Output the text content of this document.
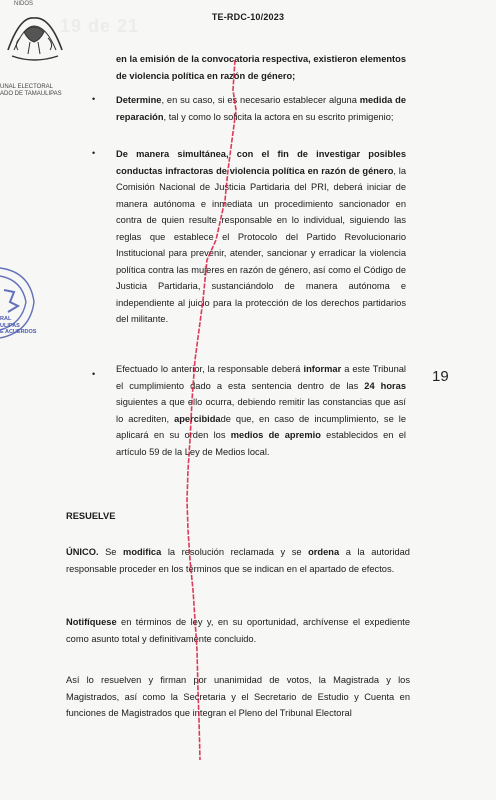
19 de 21	TE-RDC-10/2023
NIDOS
UNAL ELECTORAL
ADO DE TAMAULIPAS
RAL
ULIPAS
E ACUERDOS
19
en la emisión de la convocatoria respectiva, existieron elementos de violencia política en razón de género;
• Determine, en su caso, si es necesario establecer alguna medida de reparación, tal y como lo solicita la actora en su escrito primigenio;
• De manera simultánea, con el fin de investigar posibles conductas infractoras de violencia política en razón de género, la Comisión Nacional de Justicia Partidaria del PRI, deberá iniciar de manera autónoma e inmediata un procedimiento sancionador en contra de quien resulte responsable en lo individual, siguiendo las reglas que establece el Protocolo del Partido Revolucionario Institucional para prevenir, atender, sancionar y erradicar la violencia política contra las mujeres en razón de género, así como el Código de Justicia Partidaria, sustanciándolo de manera autónoma e independiente al juicio para la protección de los derechos partidarios del militante.
• Efectuado lo anterior, la responsable deberá informar a este Tribunal el cumplimiento dado a esta sentencia dentro de las 24 horas siguientes a que ello ocurra, debiendo remitir las constancias que así lo acrediten, apercibidade que, en caso de incumplimiento, se le aplicará en su orden los medios de apremio establecidos en el artículo 59 de la Ley de Medios local.
RESUELVE
ÚNICO. Se modifica la resolución reclamada y se ordena a la autoridad responsable proceder en los términos que se indican en el apartado de efectos.
Notifíquese en términos de ley y, en su oportunidad, archívense el expediente como asunto total y definitivamente concluido.
Así lo resuelven y firman por unanimidad de votos, la Magistrada y los Magistrados, así como la Secretaria y el Secretario de Estudio y Cuenta en funciones de Magistrados que integran el Pleno del Tribunal Electoral
